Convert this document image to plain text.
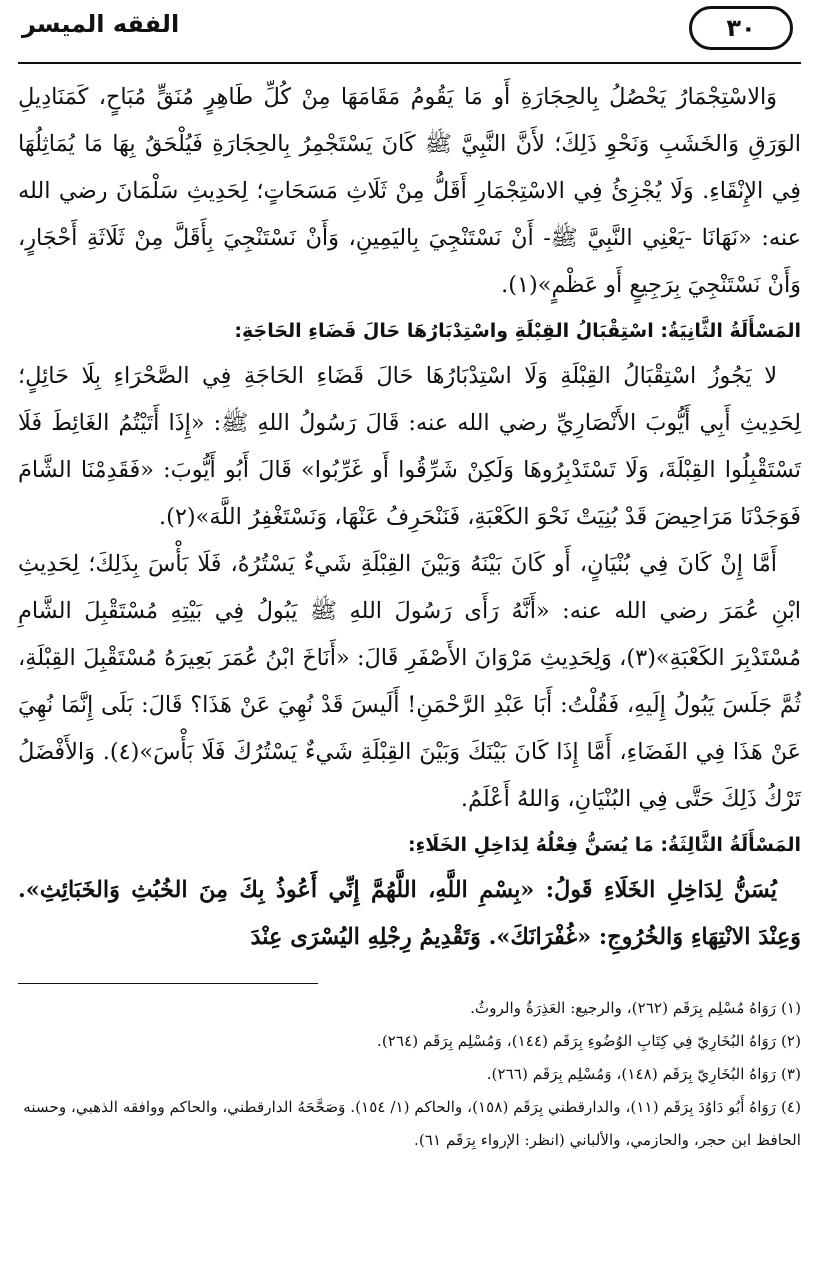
٣٠
الفقه الميسر

وَالاسْتِجْمَارُ يَحْصُلُ بِالحِجَارَةِ أَو مَا يَقُومُ مَقَامَهَا مِنْ كُلِّ طَاهِرٍ مُنَقٍّ مُبَاحٍ، كَمَنَادِيلِ الوَرَقِ وَالخَشَبِ وَنَحْوِ ذَلِكَ؛ لأَنَّ النَّبِيَّ ﷺ كَانَ يَسْتَجْمِرُ بِالحِجَارَةِ فَيُلْحَقُ بِهَا مَا يُمَاثِلُهَا فِي الإِنْقَاءِ. وَلَا يُجْزِئُ فِي الاسْتِجْمَارِ أَقَلُّ مِنْ ثَلَاثِ مَسَحَاتٍ؛ لِحَدِيثِ سَلْمَانَ رضي الله عنه: «نَهَانَا -يَعْنِي النَّبِيَّ ﷺ- أَنْ نَسْتَنْجِيَ بِاليَمِينِ، وَأَنْ نَسْتَنْجِيَ بِأَقَلَّ مِنْ ثَلَاثَةِ أَحْجَارٍ، وَأَنْ نَسْتَنْجِيَ بِرَجِيعٍ أَو عَظْمٍ»(١).

المَسْأَلَةُ الثَّانِيَةُ: اسْتِقْبَالُ القِبْلَةِ واسْتِدْبَارُهَا حَالَ قَضَاءِ الحَاجَةِ:

لا يَجُوزُ اسْتِقْبَالُ القِبْلَةِ وَلَا اسْتِدْبَارُهَا حَالَ قَضَاءِ الحَاجَةِ فِي الصَّحْرَاءِ بِلَا حَائِلٍ؛ لِحَدِيثِ أَبِي أَيُّوبَ الأَنْصَارِيِّ رضي الله عنه: قَالَ رَسُولُ اللهِ ﷺ: «إِذَا أَتَيْتُمُ الغَائِطَ فَلَا تَسْتَقْبِلُوا القِبْلَةَ، وَلَا تَسْتَدْبِرُوهَا وَلَكِنْ شَرِّقُوا أَو غَرِّبُوا» قَالَ أَبُو أَيُّوبَ: «فَقَدِمْنَا الشَّامَ فَوَجَدْنَا مَرَاحِيضَ قَدْ بُنِيَتْ نَحْوَ الكَعْبَةِ، فَنَنْحَرِفُ عَنْهَا، وَنَسْتَغْفِرُ اللَّهَ»(٢).

أَمَّا إِنْ كَانَ فِي بُنْيَانٍ، أَو كَانَ بَيْنَهُ وَبَيْنَ القِبْلَةِ شَيءٌ يَسْتُرُهُ، فَلَا بَأْسَ بِذَلِكَ؛ لِحَدِيثِ ابْنِ عُمَرَ رضي الله عنه: «أَنَّهُ رَأَى رَسُولَ اللهِ ﷺ يَبُولُ فِي بَيْتِهِ مُسْتَقْبِلَ الشَّامِ مُسْتَدْبِرَ الكَعْبَةِ»(٣)، وَلِحَدِيثِ مَرْوَانَ الأَصْفَرِ قَالَ: «أَنَاخَ ابْنُ عُمَرَ بَعِيرَهُ مُسْتَقْبِلَ القِبْلَةِ، ثُمَّ جَلَسَ يَبُولُ إِلَيهِ، فَقُلْتُ: أَبَا عَبْدِ الرَّحْمَنِ! أَلَيسَ قَدْ نُهِيَ عَنْ هَذَا؟ قَالَ: بَلَى إِنَّمَا نُهِيَ عَنْ هَذَا فِي الفَضَاءِ، أَمَّا إِذَا كَانَ بَيْنَكَ وَبَيْنَ القِبْلَةِ شَيءٌ يَسْتُرُكَ فَلَا بَأْسَ»(٤). وَالأَفْضَلُ تَرْكُ ذَلِكَ حَتَّى فِي البُنْيَانِ، وَاللهُ أَعْلَمُ.

المَسْأَلَةُ الثَّالِثَةُ: مَا يُسَنُّ فِعْلُهُ لِدَاخِلِ الخَلَاءِ:

يُسَنُّ لِدَاخِلِ الخَلَاءِ قَولُ: «بِسْمِ اللَّهِ، اللَّهُمَّ إِنِّي أَعُوذُ بِكَ مِنَ الخُبُثِ وَالخَبَائِثِ». وَعِنْدَ الانْتِهَاءِ وَالخُرُوجِ: «غُفْرَانَكَ». وَتَقْدِيمُ رِجْلِهِ اليُسْرَى عِنْدَ

(١) رَوَاهُ مُسْلِم بِرَقَم (٢٦٢)، والرجيع: العَذِرَةُ والروثُ.

(٢) رَوَاهُ البُخَارِيّ فِي كِتَابِ الوُضُوءِ بِرَقَم (١٤٤)، وَمُسْلِم بِرَقَم (٢٦٤).

(٣) رَوَاهُ البُخَارِيّ بِرَقَم (١٤٨)، وَمُسْلِم بِرَقَم (٢٦٦).

(٤) رَوَاهُ أَبُو دَاوُدَ بِرَقَم (١١)، والدارقطني بِرَقَم (١٥٨)، والحاكم (١/ ١٥٤). وَصَحَّحَهُ الدارقطني، والحاكم ووافقه الذهبي، وحسنه الحافظ ابن حجر، والحازمي، والألباني (انظر: الإرواء بِرَقَم ٦١).
